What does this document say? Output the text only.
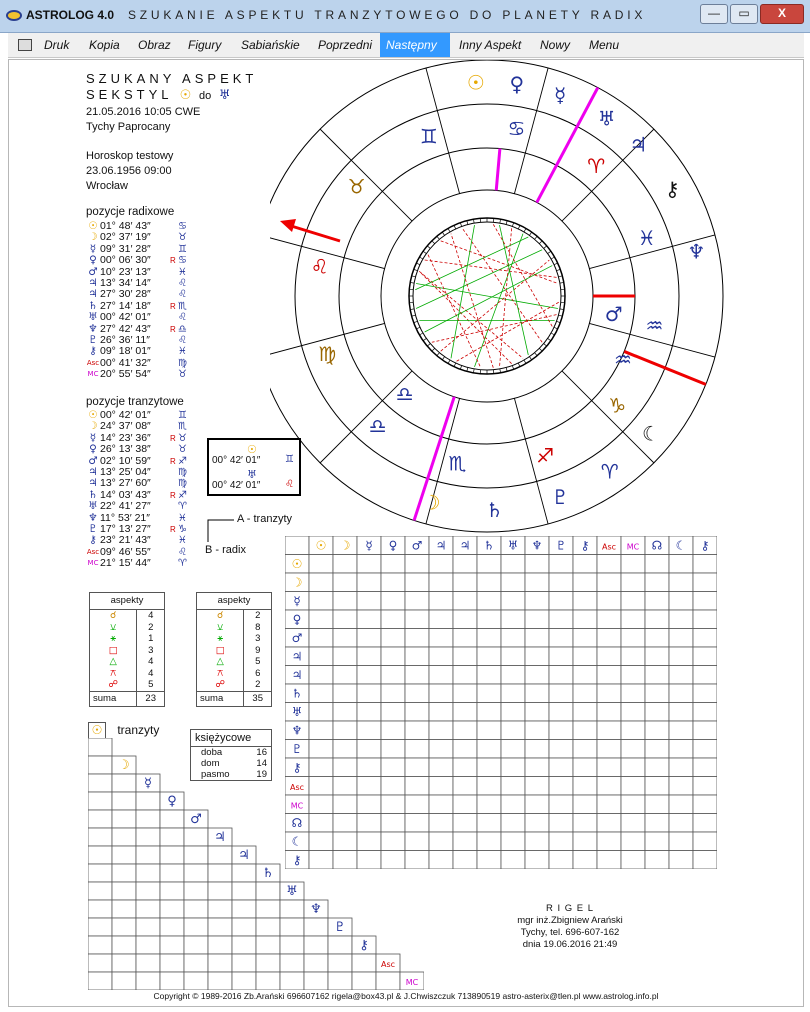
ASTROLOG 4.0 SZUKANIE ASPEKTU TRANZYTOWEGO DO PLANETY RADIX	—	▭	X
Druk	Kopia	Obraz	Figury	Sabiańskie	Poprzedni	Następny	Inny Aspekt	Nowy	Menu
SZUKANY ASPEKT
SEKSTYL ☉ do ♅
21.05.2016 10:05 CWE
Tychy Paprocany
Horoskop testowy
23.06.1956 09:00
Wrocław
pozycje radixowe
☉ 01° 48′ 43″	♋
☽ 02° 37′ 19″	♉
☿ 09° 31′ 28″	♊
♀ 00° 06′ 30″	R ♋
♂ 10° 23′ 13″	♓
♃ 13° 34′ 14″	♌
♃ 27° 30′ 28″	♌
♄ 27° 14′ 18″	R ♏
♅ 00° 42′ 01″	♌
♆ 27° 42′ 43″	R ♎
♇ 26° 36′ 11″	♌
⚷ 09° 18′ 01″	♓
Asc 00° 41′ 32″	♍
MC 20° 55′ 54″	♉
pozycje tranzytowe
☉ 00° 42′ 01″	♊
☽ 24° 37′ 08″	♏
☿ 14° 23′ 36″	R ♉
♀ 26° 13′ 38″	♉
♂ 02° 10′ 59″	R ♐
♃ 13° 25′ 04″	♍
♃ 13° 27′ 60″	♍
♄ 14° 03′ 43″	R ♐
♅ 22° 41′ 27″	♈
♆ 11° 53′ 21″	♓
♇ 17° 13′ 27″	R ♑
⚷ 23° 21′ 43″	♓
Asc 09° 46′ 55″	♌
MC 21° 15′ 44″	♈
aspekty	
☌	4
⚺	2
⚹	1
□	3
△	4
⚻	4
☍	5
suma	23
aspekty	
☌	2
⚺	8
⚹	3
□	9
△	5
⚻	6
☍	2
suma	35
księżycowe
doba	16
dom	14
pasmo	19
☉
00° 42′ 01″ ♊
♅
00° 42′ 01″ ♌
A - tranzyty
B - radix
♊	♋
♈
♓
♒
♑
♐
♏
♎
♍
♌
♉
☉ ♀ ☿
♅
♃
⚷
♆
♂
♒
☾
♈
♇
♄
☽
♎
☉ tranzyty
☽
☿
♀
♂
♃
♃
♄
♅
♆
♇
⚷
Asc
MC
☉ ☽ ☿ ♀ ♂ ♃ ♃ ♄ ♅ ♆ ♇ ⚷ Asc MC ☊ ☾ ⚷
☉
☽
☿
♀
♂
♃
♃
♄
♅
♆
♇
⚷
Asc
MC
☊
☾
⚷
R I G E L
mgr inż.Zbigniew Arański
Tychy, tel. 696-607-162
dnia 19.06.2016 21:49
Copyright © 1989-2016 Zb.Arański 696607162 rigela@box43.pl & J.Chwiszczuk 713890519 astro-asterix@tlen.pl www.astrolog.info.pl
